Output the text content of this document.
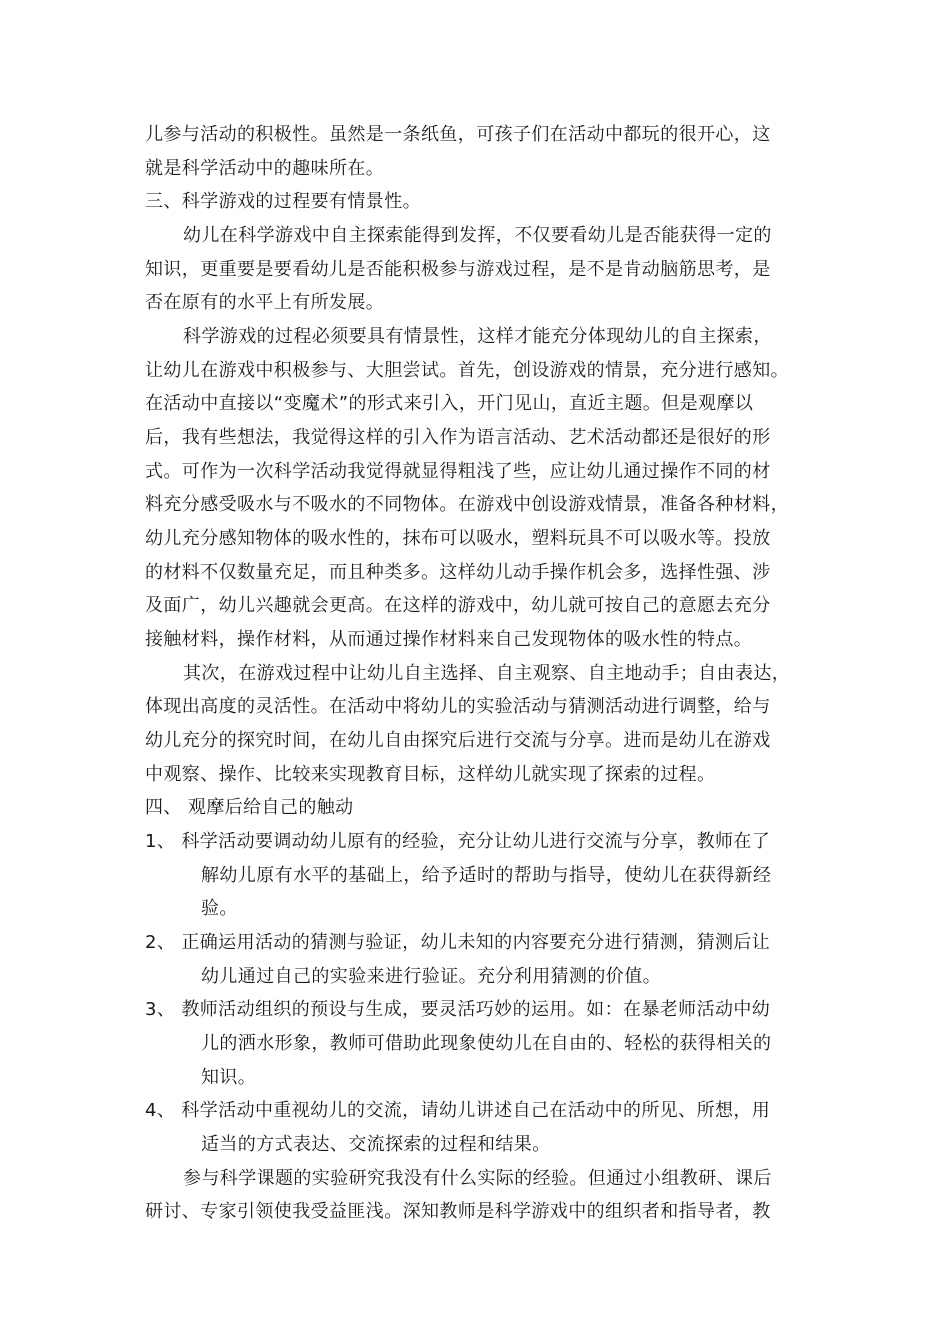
儿参与活动的积极性。虽然是一条纸鱼，可孩子们在活动中都玩的很开心，这
就是科学活动中的趣味所在。
三、科学游戏的过程要有情景性。
幼儿在科学游戏中自主探索能得到发挥，不仅要看幼儿是否能获得一定的
知识，更重要是要看幼儿是否能积极参与游戏过程，是不是肯动脑筋思考，是
否在原有的水平上有所发展。
科学游戏的过程必须要具有情景性，这样才能充分体现幼儿的自主探索，
让幼儿在游戏中积极参与、大胆尝试。首先，创设游戏的情景，充分进行感知。
在活动中直接以“变魔术”的形式来引入，开门见山，直近主题。但是观摩以
后，我有些想法，我觉得这样的引入作为语言活动、艺术活动都还是很好的形
式。可作为一次科学活动我觉得就显得粗浅了些，应让幼儿通过操作不同的材
料充分感受吸水与不吸水的不同物体。在游戏中创设游戏情景，准备各种材料，
幼儿充分感知物体的吸水性的，抹布可以吸水，塑料玩具不可以吸水等。投放
的材料不仅数量充足，而且种类多。这样幼儿动手操作机会多，选择性强、涉
及面广，幼儿兴趣就会更高。在这样的游戏中，幼儿就可按自己的意愿去充分
接触材料，操作材料，从而通过操作材料来自己发现物体的吸水性的特点。
其次，在游戏过程中让幼儿自主选择、自主观察、自主地动手；自由表达，
体现出高度的灵活性。在活动中将幼儿的实验活动与猜测活动进行调整，给与
幼儿充分的探究时间，在幼儿自由探究后进行交流与分享。进而是幼儿在游戏
中观察、操作、比较来实现教育目标，这样幼儿就实现了探索的过程。
四、 观摩后给自己的触动
1、 科学活动要调动幼儿原有的经验，充分让幼儿进行交流与分享，教师在了
解幼儿原有水平的基础上，给予适时的帮助与指导，使幼儿在获得新经
验。
2、 正确运用活动的猜测与验证，幼儿未知的内容要充分进行猜测，猜测后让
幼儿通过自己的实验来进行验证。充分利用猜测的价值。
3、 教师活动组织的预设与生成，要灵活巧妙的运用。如：在暴老师活动中幼
儿的洒水形象，教师可借助此现象使幼儿在自由的、轻松的获得相关的
知识。
4、 科学活动中重视幼儿的交流，请幼儿讲述自己在活动中的所见、所想，用
适当的方式表达、交流探索的过程和结果。
参与科学课题的实验研究我没有什么实际的经验。但通过小组教研、课后
研讨、专家引领使我受益匪浅。深知教师是科学游戏中的组织者和指导者，教
